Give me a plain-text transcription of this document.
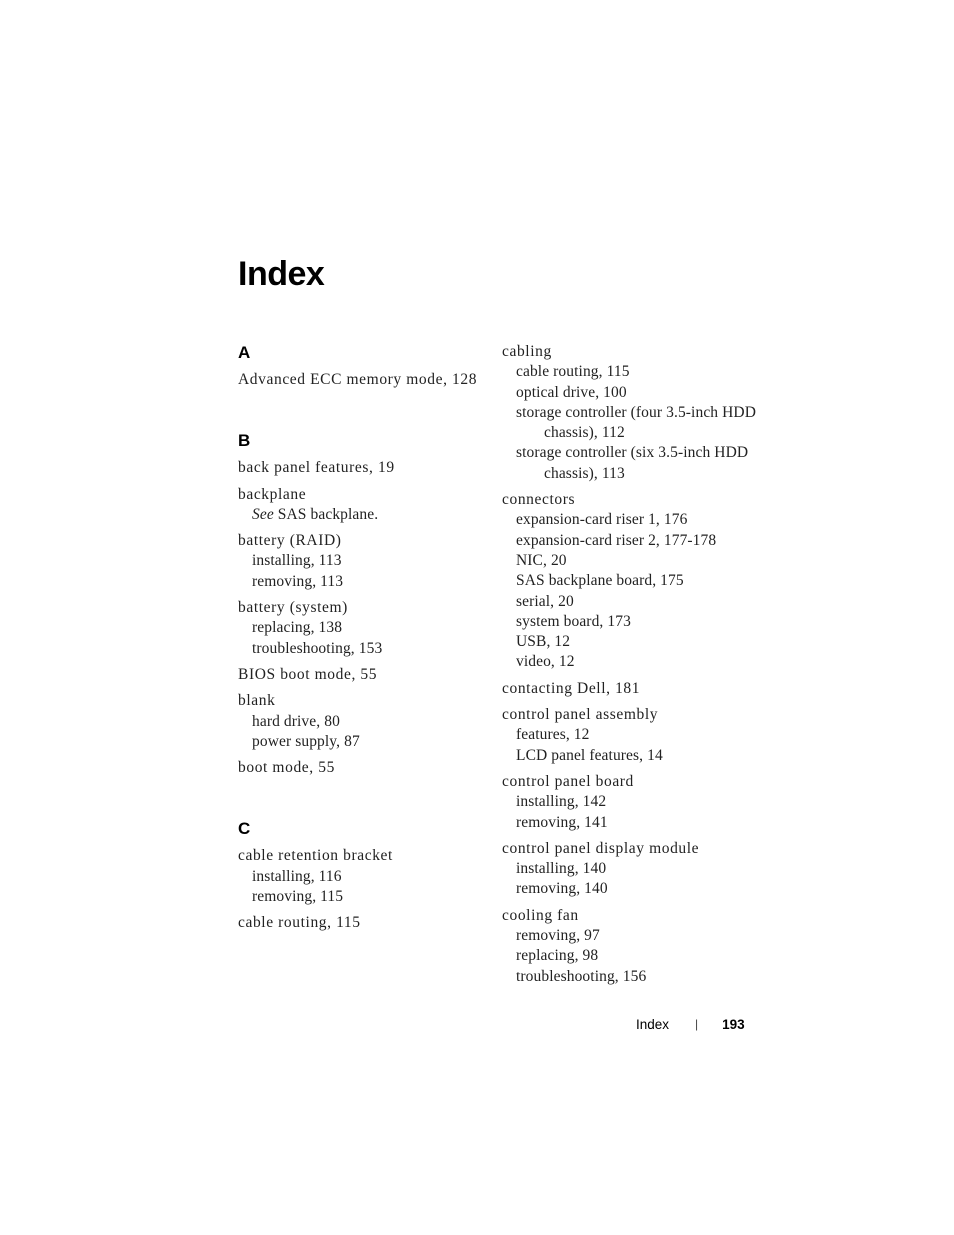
Index
A
Advanced ECC memory mode, 128
B
back panel features, 19
backplane
See SAS backplane.
battery (RAID)
installing, 113
removing, 113
battery (system)
replacing, 138
troubleshooting, 153
BIOS boot mode, 55
blank
hard drive, 80
power supply, 87
boot mode, 55
C
cable retention bracket
installing, 116
removing, 115
cable routing, 115
cabling
cable routing, 115
optical drive, 100
storage controller (four 3.5-inch HDD chassis), 112
storage controller (six 3.5-inch HDD chassis), 113
connectors
expansion-card riser 1, 176
expansion-card riser 2, 177-178
NIC, 20
SAS backplane board, 175
serial, 20
system board, 173
USB, 12
video, 12
contacting Dell, 181
control panel assembly
features, 12
LCD panel features, 14
control panel board
installing, 142
removing, 141
control panel display module
installing, 140
removing, 140
cooling fan
removing, 97
replacing, 98
troubleshooting, 156
Index | 193
